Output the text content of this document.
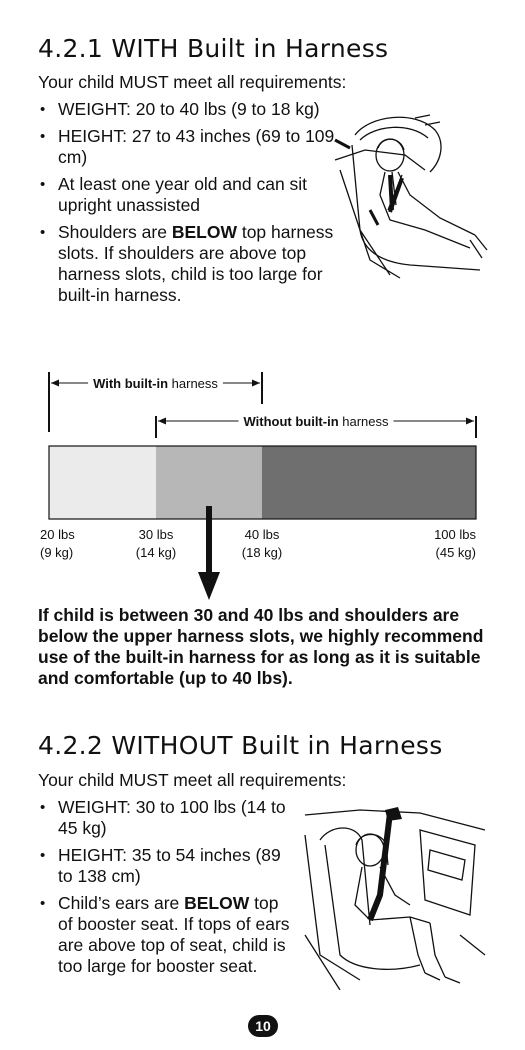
4.2.1 WITH Built in Harness

Your child MUST meet all requirements:

• WEIGHT: 20 to 40 lbs (9 to 18 kg)
• HEIGHT: 27 to 43 inches (69 to 109 cm)
• At least one year old and can sit upright unassisted
• Shoulders are BELOW top harness slots. If shoulders are above top harness slots, child is too large for built-in harness.
With built-in harness
Without built-in harness
20 lbs
(9 kg)
30 lbs
(14 kg)
40 lbs
(18 kg)
100 lbs
(45 kg)

If child is between 30 and 40 lbs and shoulders are below the upper harness slots, we highly recommend use of the built-in harness for as long as it is suitable and comfortable (up to 40 lbs).

4.2.2 WITHOUT Built in Harness

Your child MUST meet all requirements:

• WEIGHT: 30 to 100 lbs (14 to 45 kg)
• HEIGHT: 35 to 54 inches (89 to 138 cm)
• Child’s ears are BELOW top of booster seat. If tops of ears are above top of seat, child is too large for booster seat.
10
